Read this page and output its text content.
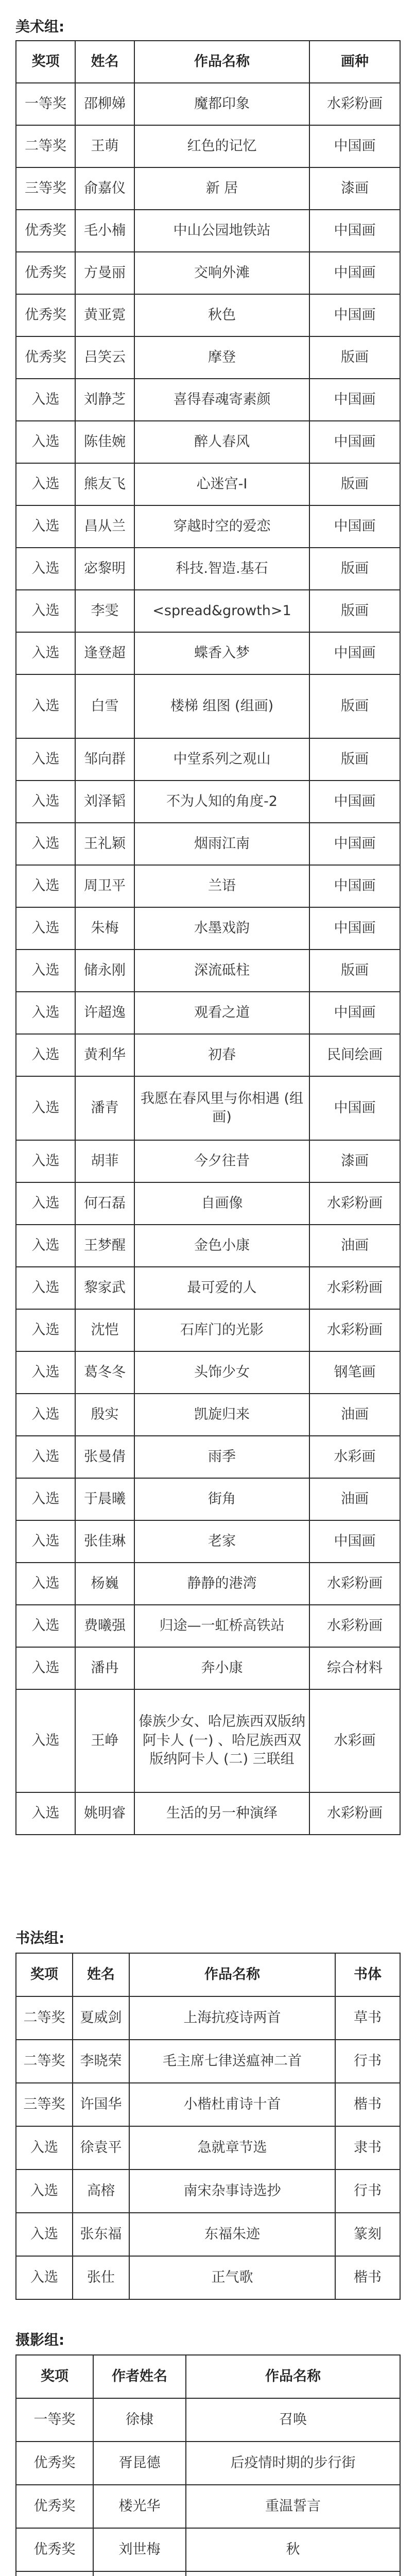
美术组:
奖项	姓名	作品名称	画种
一等奖	邵柳娣	魔都印象	水彩粉画
二等奖	王萌	红色的记忆	中国画
三等奖	俞嘉仪	新 居	漆画
优秀奖	毛小楠	中山公园地铁站	中国画
优秀奖	方曼丽	交响外滩	中国画
优秀奖	黄亚霓	秋色	中国画
优秀奖	吕笑云	摩登	版画
入选	刘静芝	喜得春魂寄素颜	中国画
入选	陈佳婉	醉人春风	中国画
入选	熊友飞	心迷宫-I	版画
入选	昌从兰	穿越时空的爱恋	中国画
入选	宓黎明	科技.智造.基石	版画
入选	李雯	<spread&growth>1	版画
入选	逢登超	蝶香入梦	中国画
入选	白雪	楼梯 组图 (组画)	版画
入选	邹向群	中堂系列之观山	版画
入选	刘泽韬	不为人知的角度-2	中国画
入选	王礼颖	烟雨江南	中国画
入选	周卫平	兰语	中国画
入选	朱梅	水墨戏韵	中国画
入选	储永刚	深流砥柱	版画
入选	许超逸	观看之道	中国画
入选	黄利华	初春	民间绘画
入选	潘青	我愿在春风里与你相遇 (组画)	中国画
入选	胡菲	今夕往昔	漆画
入选	何石磊	自画像	水彩粉画
入选	王梦醒	金色小康	油画
入选	黎家武	最可爱的人	水彩粉画
入选	沈恺	石库门的光影	水彩粉画
入选	葛冬冬	头饰少女	钢笔画
入选	殷实	凯旋归来	油画
入选	张曼倩	雨季	水彩画
入选	于晨曦	街角	油画
入选	张佳琳	老家	中国画
入选	杨巍	静静的港湾	水彩粉画
入选	费曦强	归途—一虹桥高铁站	水彩粉画
入选	潘冉	奔小康	综合材料
入选	王峥	傣族少女、哈尼族西双版纳阿卡人 (一) 、哈尼族西双版纳阿卡人 (二) 三联组	水彩画
入选	姚明睿	生活的另一种演绎	水彩粉画
书法组:
奖项	姓名	作品名称	书体
二等奖	夏威剑	上海抗疫诗两首	草书
二等奖	李晓荣	毛主席七律送瘟神二首	行书
三等奖	许国华	小楷杜甫诗十首	楷书
入选	徐袁平	急就章节选	隶书
入选	高榕	南宋杂事诗选抄	行书
入选	张东福	东福朱迹	篆刻
入选	张仕	正气歌	楷书
摄影组:
奖项	作者姓名	作品名称
一等奖	徐棣	召唤
优秀奖	胥昆德	后疫情时期的步行街
优秀奖	楼光华	重温誓言
优秀奖	刘世梅	秋
